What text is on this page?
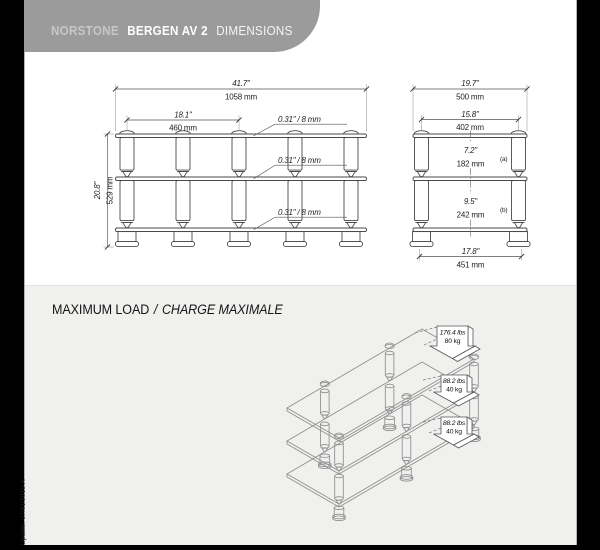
NORSTONE BERGEN AV 2 DIMENSIONS
MAXIMUM LOAD / CHARGE MAXIMALE
Update: 07/01/2010-A
41.7"
1058 mm
18.1"
460 mm
0.31" / 8 mm
0.31" / 8 mm
0.31" / 8 mm
20.8" 529 mm
19.7"
500 mm
15.8"
402 mm
7.2"
182 mm (a)
9.5"
242 mm (b)
17.8"
451 mm
176.4 lbs
80 kg
88.2 lbs
40 kg
88.2 lbs
40 kg
